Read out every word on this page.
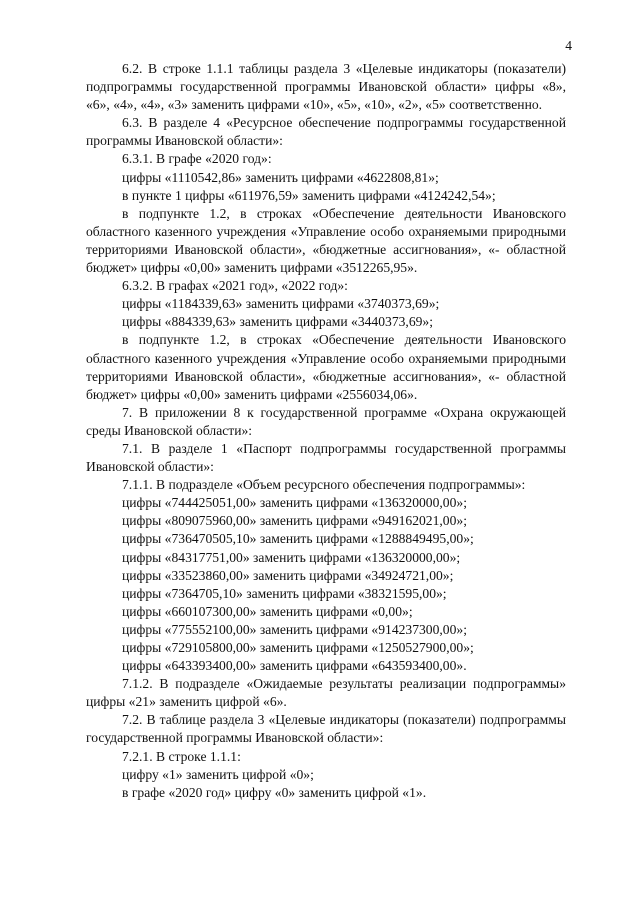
4

6.2. В строке 1.1.1 таблицы раздела 3 «Целевые индикаторы (показатели) подпрограммы государственной программы Ивановской области» цифры «8», «6», «4», «4», «3» заменить цифрами «10», «5», «10», «2», «5» соответственно.

6.3. В разделе 4 «Ресурсное обеспечение подпрограммы государственной программы Ивановской области»:

6.3.1. В графе «2020 год»:

цифры «1110542,86» заменить цифрами «4622808,81»;

в пункте 1 цифры «611976,59» заменить цифрами «4124242,54»;

в подпункте 1.2, в строках «Обеспечение деятельности Ивановского областного казенного учреждения «Управление особо охраняемыми природными территориями Ивановской области», «бюджетные ассигнования», «- областной бюджет» цифры «0,00» заменить цифрами «3512265,95».

6.3.2. В графах «2021 год», «2022 год»:

цифры «1184339,63» заменить цифрами «3740373,69»;

цифры «884339,63» заменить цифрами «3440373,69»;

в подпункте 1.2, в строках «Обеспечение деятельности Ивановского областного казенного учреждения «Управление особо охраняемыми природными территориями Ивановской области», «бюджетные ассигнования», «- областной бюджет» цифры «0,00» заменить цифрами «2556034,06».

7. В приложении 8 к государственной программе «Охрана окружающей среды Ивановской области»:

7.1. В разделе 1 «Паспорт подпрограммы государственной программы Ивановской области»:

7.1.1. В подразделе «Объем ресурсного обеспечения подпрограммы»:

цифры «744425051,00» заменить цифрами «136320000,00»;

цифры «809075960,00» заменить цифрами «949162021,00»;

цифры «736470505,10» заменить цифрами «1288849495,00»;

цифры «84317751,00» заменить цифрами «136320000,00»;

цифры «33523860,00» заменить цифрами «34924721,00»;

цифры «7364705,10» заменить цифрами «38321595,00»;

цифры «660107300,00» заменить цифрами «0,00»;

цифры «775552100,00» заменить цифрами «914237300,00»;

цифры «729105800,00» заменить цифрами «1250527900,00»;

цифры «643393400,00» заменить цифрами «643593400,00».

7.1.2. В подразделе «Ожидаемые результаты реализации подпрограммы» цифры «21» заменить цифрой «6».

7.2. В таблице раздела 3 «Целевые индикаторы (показатели) подпрограммы государственной программы Ивановской области»:

7.2.1. В строке 1.1.1:

цифру «1» заменить цифрой «0»;

в графе «2020 год» цифру «0» заменить цифрой «1».
